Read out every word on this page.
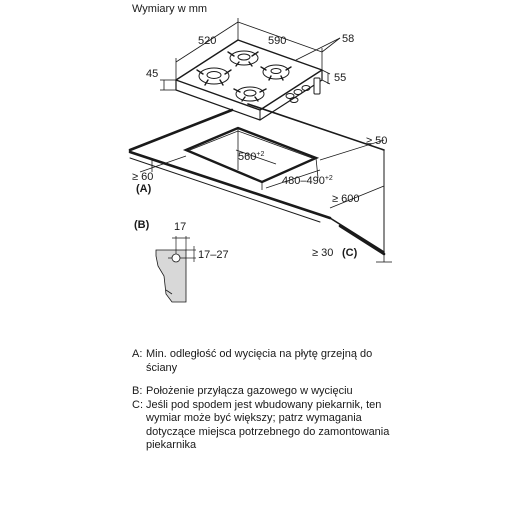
Wymiary w mm
520	590	58
45	55
$560^{+2}$
$480-490^{+2}$
≥ 50
≥ 60
(A)
≥ 600
≥ 30 (C)
(B) 17
17–27
A: Min. odległość od wycięcia na płytę grzejną do ściany
B: Położenie przyłącza gazowego w wycięciu
C: Jeśli pod spodem jest wbudowany piekarnik, ten wymiar może być większy; patrz wymagania dotyczące miejsca potrzebnego do zamontowania piekarnika
